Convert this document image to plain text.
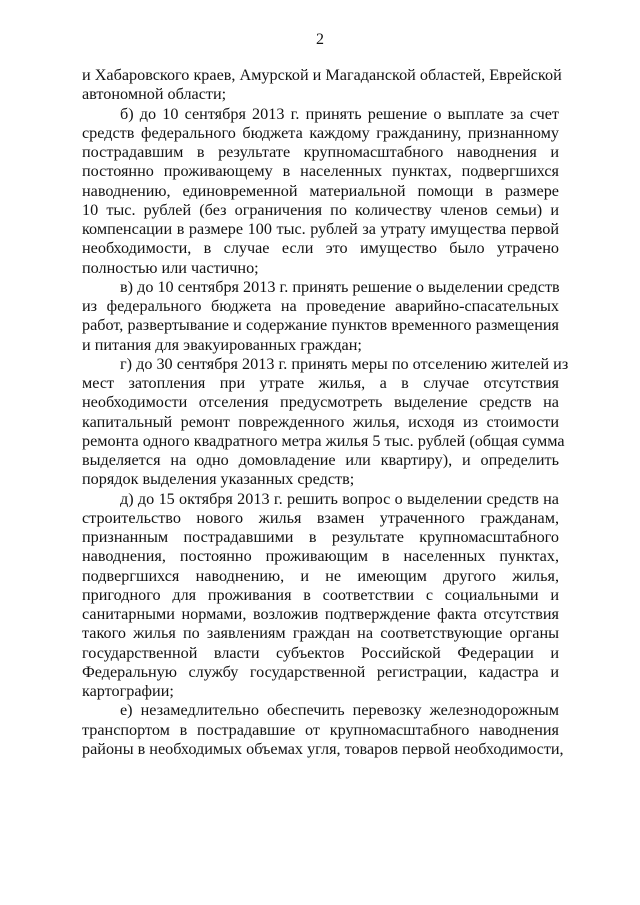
2
и Хабаровского краев, Амурской и Магаданской областей, Еврейской
автономной области;
б) до 10 сентября 2013 г. принять решение о выплате за счет
средств федерального бюджета каждому гражданину, признанному
пострадавшим в результате крупномасштабного наводнения и
постоянно проживающему в населенных пунктах, подвергшихся
наводнению, единовременной материальной помощи в размере
10 тыс. рублей (без ограничения по количеству членов семьи) и
компенсации в размере 100 тыс. рублей за утрату имущества первой
необходимости, в случае если это имущество было утрачено
полностью или частично;
в) до 10 сентября 2013 г. принять решение о выделении средств
из федерального бюджета на проведение аварийно-спасательных
работ, развертывание и содержание пунктов временного размещения
и питания для эвакуированных граждан;
г) до 30 сентября 2013 г. принять меры по отселению жителей из
мест затопления при утрате жилья, а в случае отсутствия
необходимости отселения предусмотреть выделение средств на
капитальный ремонт поврежденного жилья, исходя из стоимости
ремонта одного квадратного метра жилья 5 тыс. рублей (общая сумма
выделяется на одно домовладение или квартиру), и определить
порядок выделения указанных средств;
д) до 15 октября 2013 г. решить вопрос о выделении средств на
строительство нового жилья взамен утраченного гражданам,
признанным пострадавшими в результате крупномасштабного
наводнения, постоянно проживающим в населенных пунктах,
подвергшихся наводнению, и не имеющим другого жилья,
пригодного для проживания в соответствии с социальными и
санитарными нормами, возложив подтверждение факта отсутствия
такого жилья по заявлениям граждан на соответствующие органы
государственной власти субъектов Российской Федерации и
Федеральную службу государственной регистрации, кадастра и
картографии;
е) незамедлительно обеспечить перевозку железнодорожным
транспортом в пострадавшие от крупномасштабного наводнения
районы в необходимых объемах угля, товаров первой необходимости,
